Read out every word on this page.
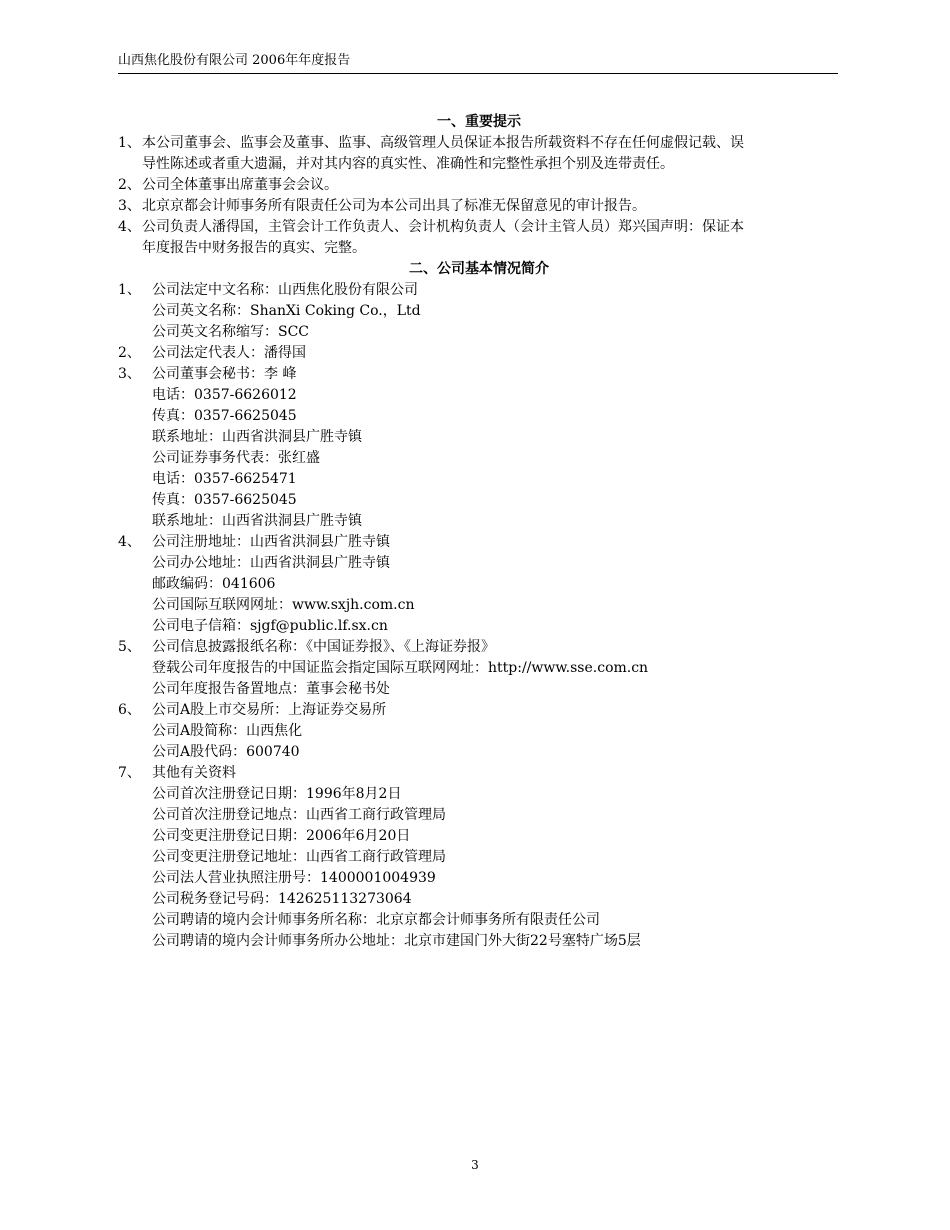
山西焦化股份有限公司 2006年年度报告
一、重要提示
1、 本公司董事会、监事会及董事、监事、高级管理人员保证本报告所载资料不存在任何虚假记载、误
导性陈述或者重大遗漏，并对其内容的真实性、准确性和完整性承担个别及连带责任。
2、 公司全体董事出席董事会会议。
3、 北京京都会计师事务所有限责任公司为本公司出具了标准无保留意见的审计报告。
4、 公司负责人潘得国，主管会计工作负责人、会计机构负责人（会计主管人员）郑兴国声明：保证本
年度报告中财务报告的真实、完整。
二、公司基本情况简介
1、 公司法定中文名称：山西焦化股份有限公司
公司英文名称：ShanXi Coking Co.，Ltd
公司英文名称缩写：SCC
2、 公司法定代表人：潘得国
3、 公司董事会秘书：李 峰
电话：0357-6626012
传真：0357-6625045
联系地址：山西省洪洞县广胜寺镇
公司证券事务代表：张红盛
电话：0357-6625471
传真：0357-6625045
联系地址：山西省洪洞县广胜寺镇
4、 公司注册地址：山西省洪洞县广胜寺镇
公司办公地址：山西省洪洞县广胜寺镇
邮政编码：041606
公司国际互联网网址：www.sxjh.com.cn
公司电子信箱：sjgf@public.lf.sx.cn
5、 公司信息披露报纸名称：《中国证券报》、《上海证券报》
登载公司年度报告的中国证监会指定国际互联网网址：http://www.sse.com.cn
公司年度报告备置地点：董事会秘书处
6、 公司A股上市交易所：上海证券交易所
公司A股简称：山西焦化
公司A股代码：600740
7、 其他有关资料
公司首次注册登记日期：1996年8月2日
公司首次注册登记地点：山西省工商行政管理局
公司变更注册登记日期：2006年6月20日
公司变更注册登记地址：山西省工商行政管理局
公司法人营业执照注册号：1400001004939
公司税务登记号码：142625113273064
公司聘请的境内会计师事务所名称：北京京都会计师事务所有限责任公司
公司聘请的境内会计师事务所办公地址：北京市建国门外大街22号塞特广场5层
3
